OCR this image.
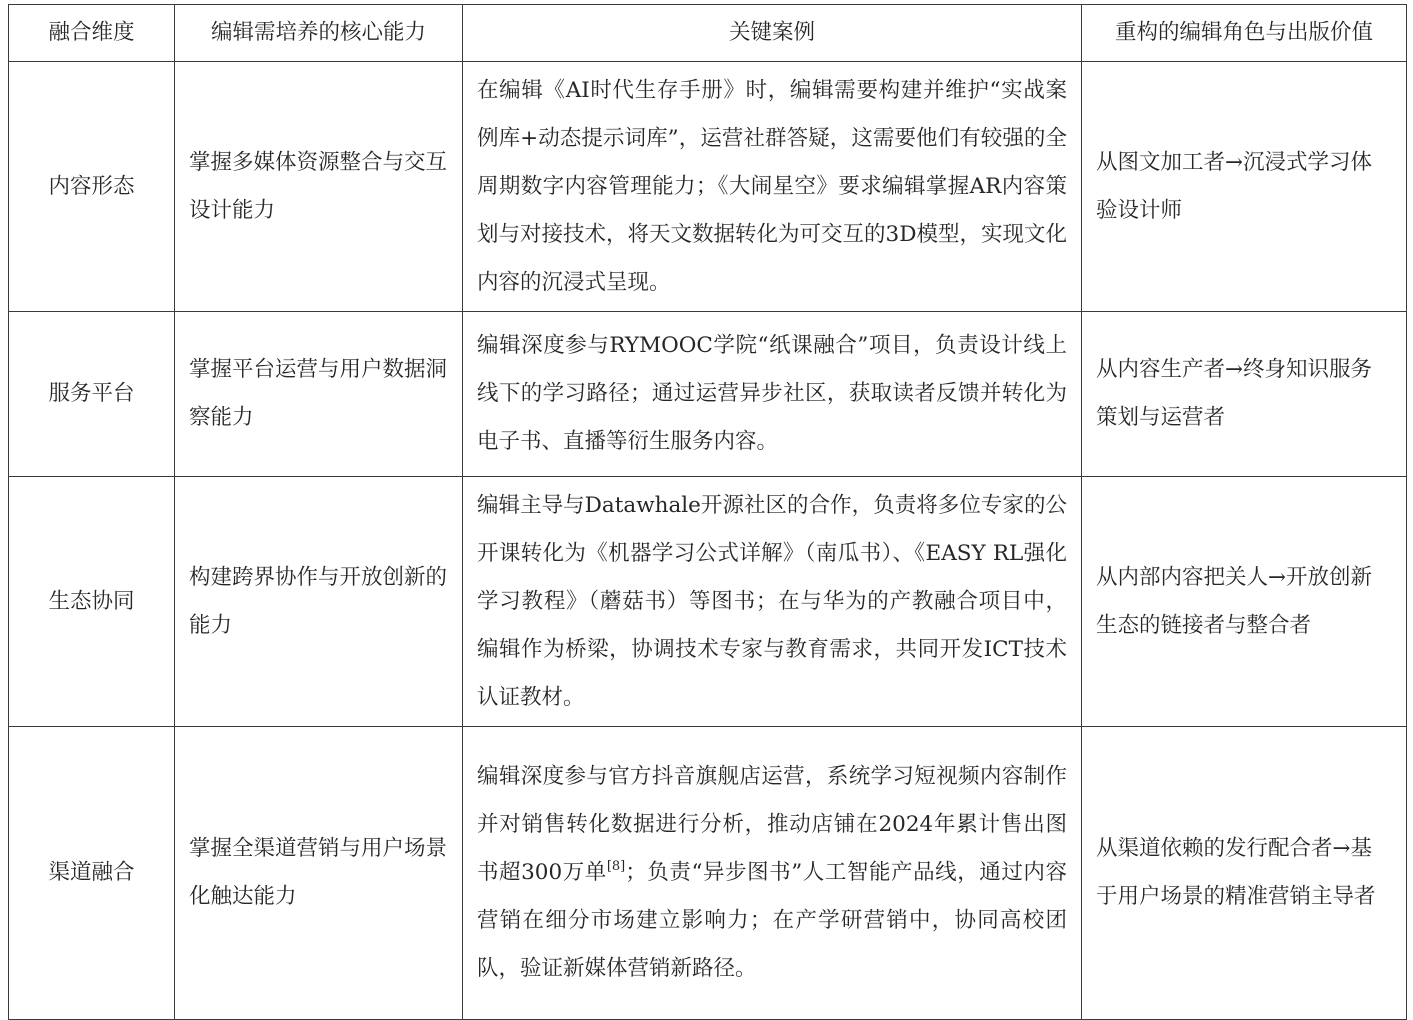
融合维度	编辑需培养的核心能力	关键案例	重构的编辑角色与出版价值
内容形态	掌握多媒体资源整合与交互设计能力	在编辑《AI时代生存手册》时，编辑需要构建并维护“实战案例库+动态提示词库”，运营社群答疑，这需要他们有较强的全周期数字内容管理能力；《大闹星空》要求编辑掌握AR内容策划与对接技术，将天文数据转化为可交互的3D模型，实现文化内容的沉浸式呈现。	从图文加工者→沉浸式学习体验设计师
服务平台	掌握平台运营与用户数据洞察能力	编辑深度参与RYMOOC学院“纸课融合”项目，负责设计线上线下的学习路径；通过运营异步社区，获取读者反馈并转化为电子书、直播等衍生服务内容。	从内容生产者→终身知识服务策划与运营者
生态协同	构建跨界协作与开放创新的能力	编辑主导与Datawhale开源社区的合作，负责将多位专家的公开课转化为《机器学习公式详解》（南瓜书）、《EASY RL强化学习教程》（蘑菇书）等图书；在与华为的产教融合项目中，编辑作为桥梁，协调技术专家与教育需求，共同开发ICT技术认证教材。	从内部内容把关人→开放创新生态的链接者与整合者
渠道融合	掌握全渠道营销与用户场景化触达能力	编辑深度参与官方抖音旗舰店运营，系统学习短视频内容制作并对销售转化数据进行分析，推动店铺在2024年累计售出图书超300万单[8]；负责“异步图书”人工智能产品线，通过内容营销在细分市场建立影响力；在产学研营销中，协同高校团队，验证新媒体营销新路径。	从渠道依赖的发行配合者→基于用户场景的精准营销主导者
